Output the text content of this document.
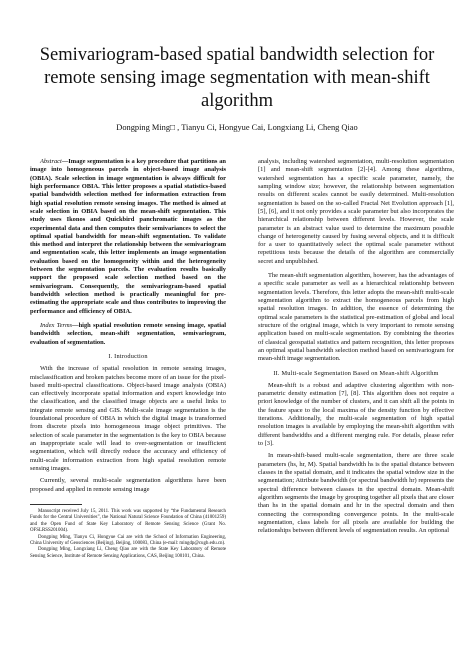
Semivariogram-based spatial bandwidth selection for remote sensing image segmentation with mean-shift algorithm
Dongping Ming□ , Tianyu Ci, Hongyue Cai, Longxiang Li, Cheng Qiao

Abstract—Image segmentation is a key procedure that partitions an image into homogeneous parcels in object-based image analysis (OBIA). Scale selection in image segmentation is always difficult for high performance OBIA. This letter proposes a spatial statistics-based spatial bandwidth selection method for information extraction from high spatial resolution remote sensing images. The method is aimed at scale selection in OBIA based on the mean-shift segmentation. This study uses Ikonos and Quickbird panchromatic images as the experimental data and then computes their semivariances to select the optimal spatial bandwidth for mean-shift segmentation. To validate this method and interpret the relationship between the semivariogram and segmentation scale, this letter implements an image segmentation evaluation based on the homogeneity within and the heterogeneity between the segmentation parcels. The evaluation results basically support the proposed scale selection method based on the semivariogram. Consequently, the semivariogram-based spatial bandwidth selection method is practically meaningful for pre-estimating the appropriate scale and thus contributes to improving the performance and efficiency of OBIA.

Index Terms—high spatial resolution remote sensing image, spatial bandwidth selection, mean-shift segmentation, semivariogram, evaluation of segmentation.

I. Introduction

With the increase of spatial resolution in remote sensing images, misclassification and broken patches become more of an issue for the pixel-based multi-spectral classifications. Object-based image analysis (OBIA) can effectively incorporate spatial information and expert knowledge into the classification, and the classified image objects are a useful links to integrate remote sensing and GIS. Multi-scale image segmentation is the foundational procedure of OBIA in which the digital image is transformed from discrete pixels into homogeneous image object primitives. The selection of scale parameter in the segmentation is the key to OBIA because an inappropriate scale will lead to over-segmentation or insufficient segmentation, which will directly reduce the accuracy and efficiency of multi-scale information extraction from high spatial resolution remote sensing images.

Currently, several multi-scale segmentation algorithms have been proposed and applied in remote sensing image

Manuscript received July 15, 2011. This work was supported by “the Fundamental Research Funds for the Central Universities”, the National Natural Science Foundation of China (41001259) and the Open Fund of State Key Laboratory of Remote Sensing Science (Grant No. OFSLRSS201004).

Dongping Ming, Tianyu Ci, Hongyue Cai are with the School of Information Engineering, China University of Geosciences (Beijing), Beijing, 100083, China (e-mail: mingdp@cugb.edu.cn).

Dongping Ming, Longxiang Li, Cheng Qiao are with the State Key Laboratory of Remote Sensing Science, Institute of Remote Sensing Applications, CAS, Beijing 100101, China.

analysis, including watershed segmentation, multi-resolution segmentation [1] and mean-shift segmentation [2]-[4]. Among these algorithms, watershed segmentation has a specific scale parameter, namely, the sampling window size; however, the relationship between segmentation results on different scales cannot be easily determined. Multi-resolution segmentation is based on the so-called Fractal Net Evolution approach [1], [5], [6], and it not only provides a scale parameter but also incorporates the hierarchical relationship between different levels. However, the scale parameter is an abstract value used to determine the maximum possible change of heterogeneity caused by fusing several objects, and it is difficult for a user to quantitatively select the optimal scale parameter without repetitious tests because the details of the algorithm are commercially secret and unpublished.

The mean-shift segmentation algorithm, however, has the advantages of a specific scale parameter as well as a hierarchical relationship between segmentation levels. Therefore, this letter adopts the mean-shift multi-scale segmentation algorithm to extract the homogeneous parcels from high spatial resolution images. In addition, the essence of determining the optimal scale parameters is the statistical pre-estimation of global and local structure of the original image, which is very important to remote sensing application based on multi-scale segmentation. By combining the theories of classical geospatial statistics and pattern recognition, this letter proposes an optimal spatial bandwidth selection method based on semivariogram for mean-shift image segmentation.

II. Multi-scale Segmentation Based on Mean-shift Algorithm

Mean-shift is a robust and adaptive clustering algorithm with non-parametric density estimation [7], [8]. This algorithm does not require a priori knowledge of the number of clusters, and it can shift all the points in the feature space to the local maxima of the density function by effective iterations. Additionally, the multi-scale segmentation of high spatial resolution images is available by employing the mean-shift algorithm with different bandwidths and a different merging rule. For details, please refer to [3].

In mean-shift-based multi-scale segmentation, there are three scale parameters (hs, hr, M). Spatial bandwidth hs is the spatial distance between classes in the spatial domain, and it indicates the spatial window size in the segmentation; Attribute bandwidth (or spectral bandwidth hr) represents the spectral difference between classes in the spectral domain. Mean-shift algorithm segments the image by grouping together all pixels that are closer than hs in the spatial domain and hr in the spectral domain and then connecting the corresponding convergence points. In the multi-scale segmentation, class labels for all pixels are available for building the relationships between different levels of segmentation results. An optional
